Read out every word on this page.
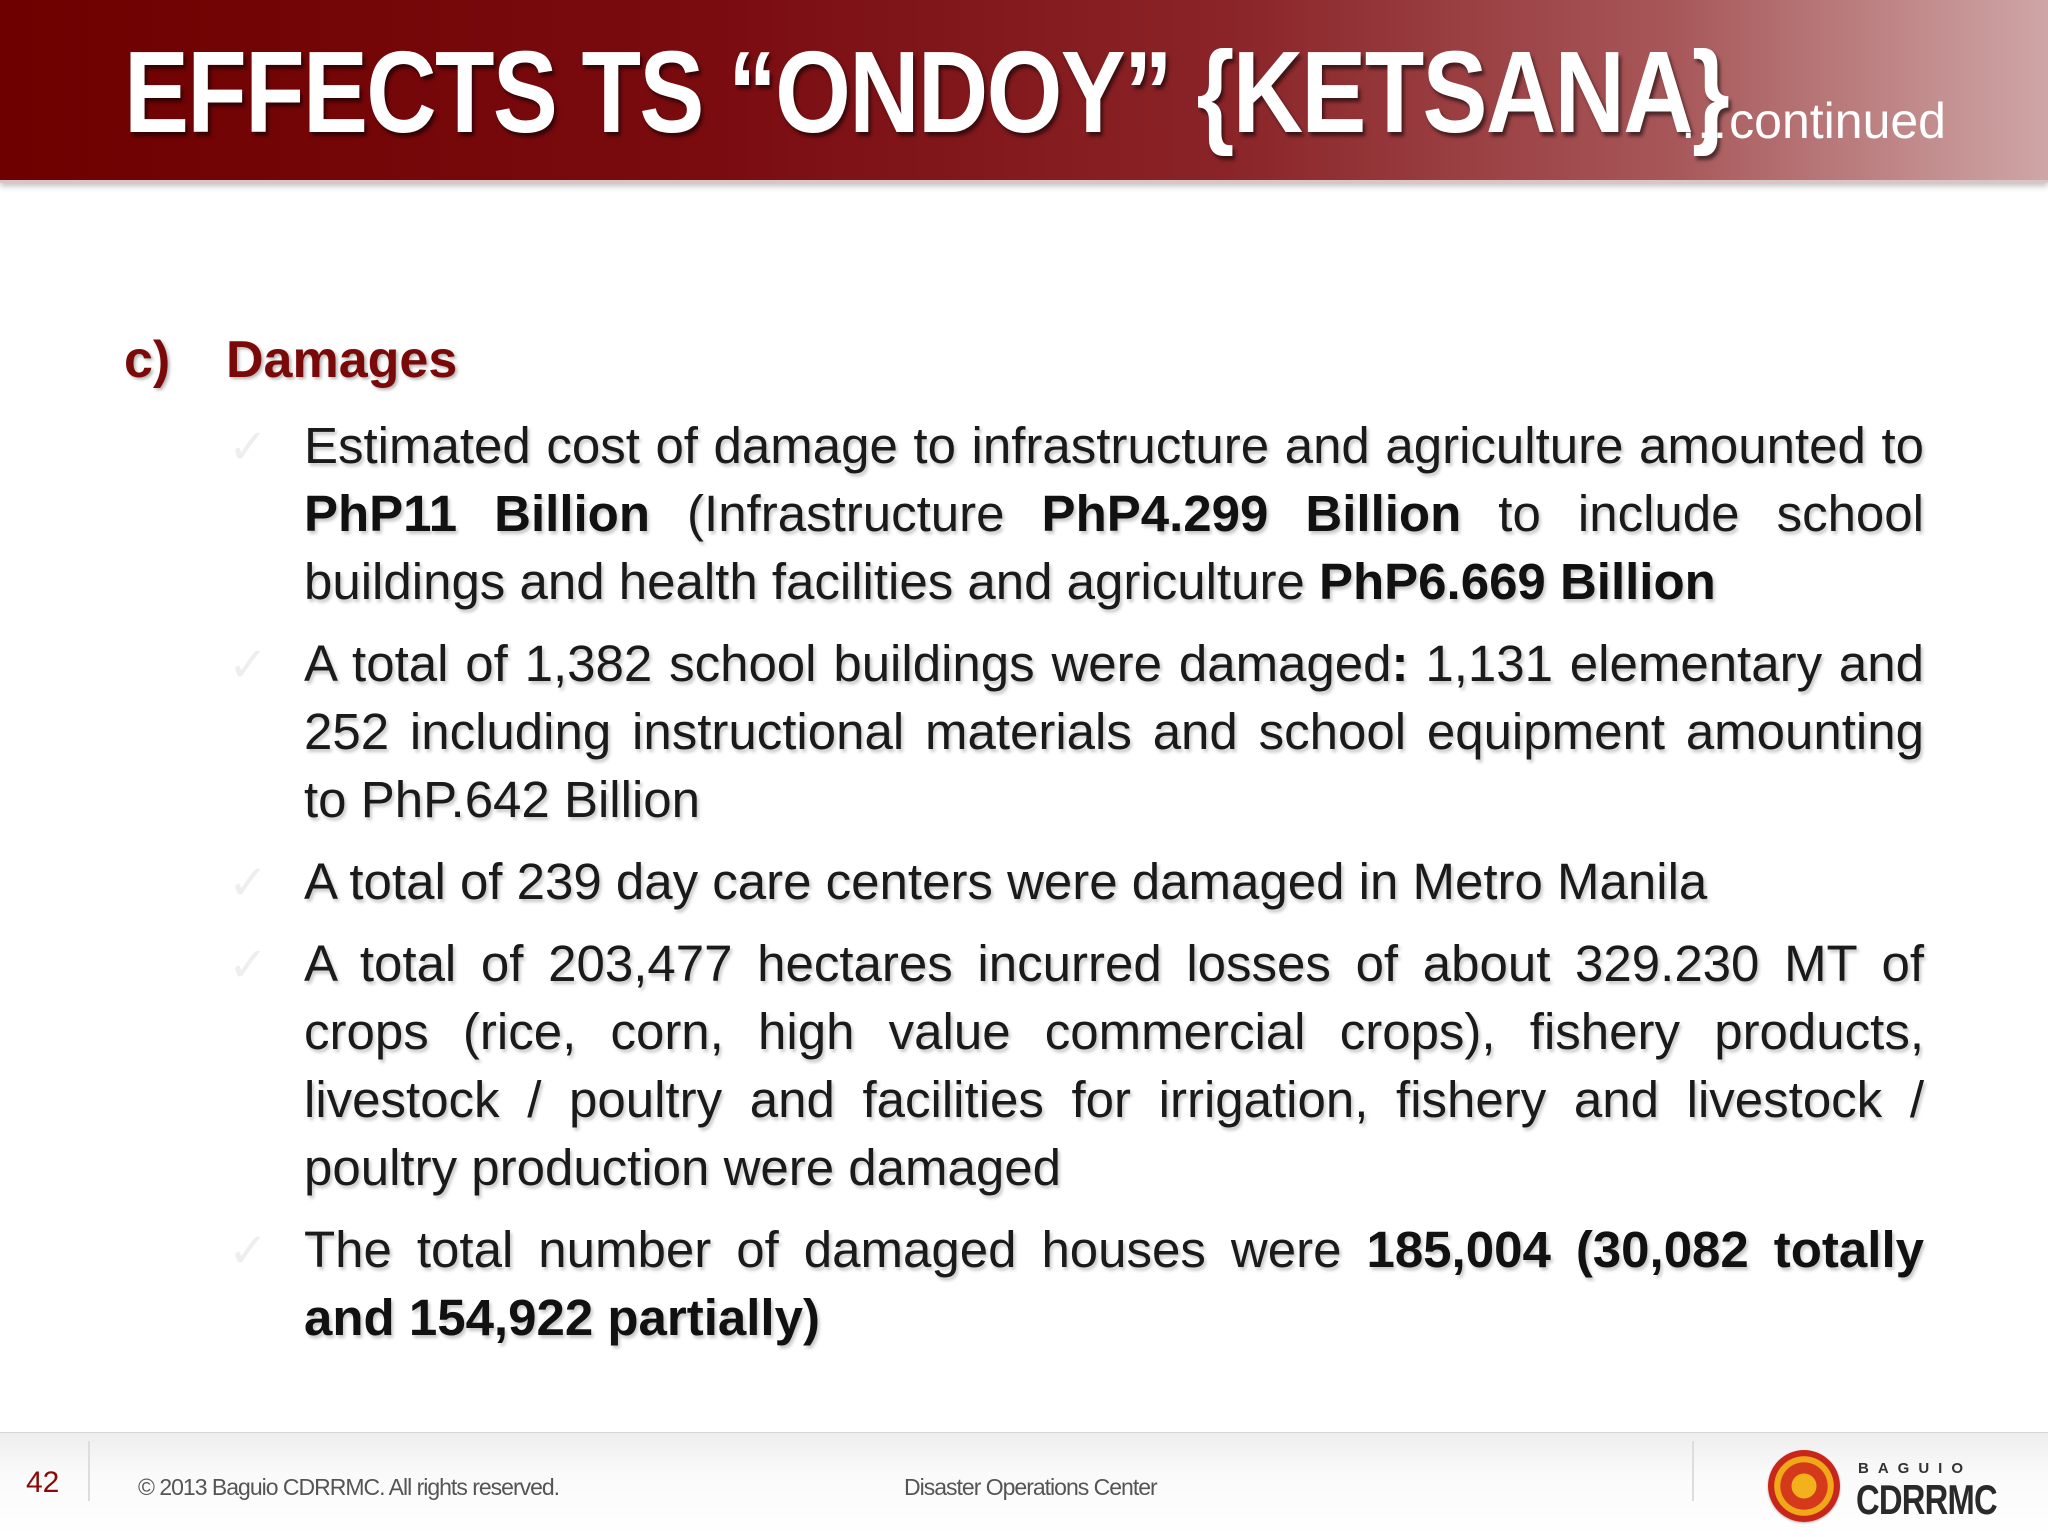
EFFECTS TS “ONDOY” {KETSANA}
…continued
c) Damages
✓ Estimated cost of damage to infrastructure and agriculture amounted to PhP11 Billion (Infrastructure PhP4.299 Billion to include school buildings and health facilities and agriculture PhP6.669 Billion
✓ A total of 1,382 school buildings were damaged: 1,131 elementary and 252 including instructional materials and school equipment amounting to PhP.642 Billion
✓ A total of 239 day care centers were damaged in Metro Manila
✓ A total of 203,477 hectares incurred losses of about 329.230 MT of crops (rice, corn, high value commercial crops), fishery products, livestock / poultry and facilities for irrigation, fishery and livestock / poultry production were damaged
✓ The total number of damaged houses were 185,004 (30,082 totally and 154,922 partially)
42	© 2013 Baguio CDRRMC. All rights reserved.	Disaster Operations Center
BAGUIO
CDRRMC
